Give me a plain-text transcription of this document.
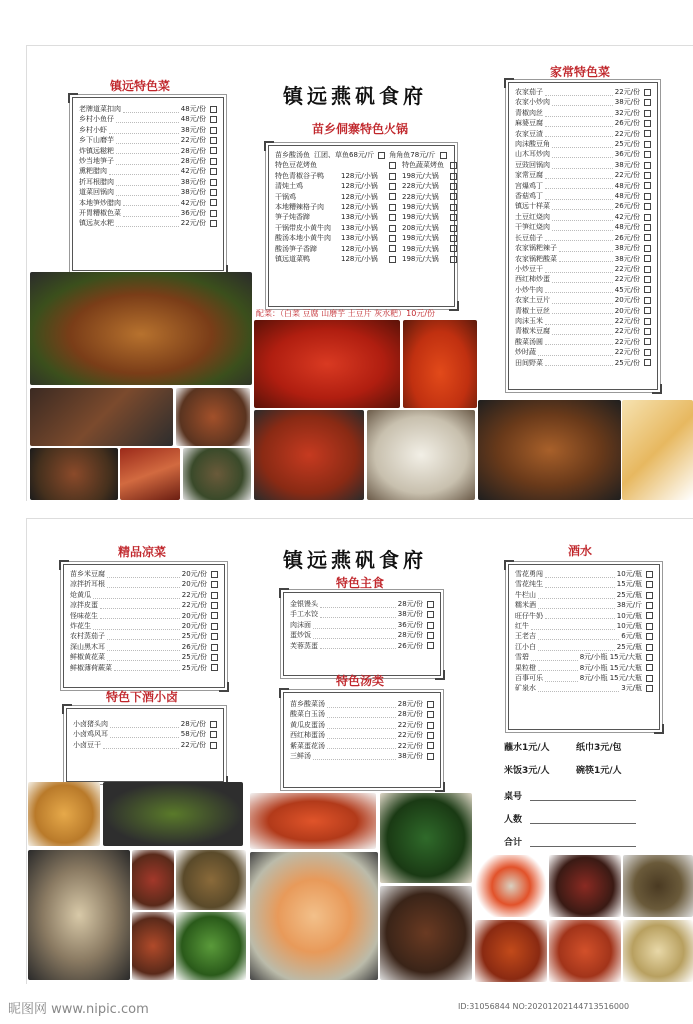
镇远特色菜
老牌道菜扣肉	48元/份
乡村小鱼仔	48元/份
乡村小虾	38元/份
乡下山磨芋	22元/份
炸镇远糍粑	28元/份
炒当地笋子	28元/份
熏粑腊肉	42元/份
折耳根腊肉	38元/份
道菜回锅肉	38元/份
本地笋炒腊肉	42元/份
开胃糟椒色菜	36元/份
镇远灰水粑	22元/份
镇远燕矾食府
苗乡侗寨特色火锅
苗乡酸汤鱼 江团、草鱼68元/斤 角角鱼78元/斤
特色豆花烤鱼	特色蔬菜烤鱼
特色青椒谷子鸭	128元/小锅	198元/大锅
清炖土鸡	128元/小锅	228元/大锅
干锅鸡	128元/小锅	228元/大锅
本地糟辣格子肉	128元/小锅	198元/大锅
笋子炖香蹄	138元/小锅	198元/大锅
干锅带皮小黄牛肉	138元/小锅	208元/大锅
酸汤本地小黄牛肉	138元/小锅	198元/大锅
酸汤笋子香蹄	128元/小锅	198元/大锅
镇远道菜鸭	128元/小锅	198元/大锅
配菜：（白菜 豆腐 山磨芋 土豆片 灰水粑）10元/份
家常特色菜
农家茄子	22元/份
农家小炒肉	38元/份
青椒肉丝	32元/份
麻婆豆腐	26元/份
农家豆渣	22元/份
肉沫酸豆角	25元/份
山木耳炒肉	36元/份
豆豉回锅肉	38元/份
家常豆腐	22元/份
宫爆鸡丁	48元/份
香菇鸡丁	48元/份
镇远十样菜	26元/份
土豆红烧肉	42元/份
干笋红烧肉	48元/份
长豆茄子	26元/份
农家锅粑辣子	38元/份
农家锅粑酸菜	38元/份
小炒豆干	22元/份
西红柿炒蛋	22元/份
小炒牛肉	45元/份
农家土豆片	20元/份
青椒土豆丝	20元/份
肉沫玉米	22元/份
青椒米豆腐	22元/份
酸菜汤圆	22元/份
炒时蔬	22元/份
田间野菜	25元/份
精品凉菜
苗乡米豆腐	20元/份
凉拌折耳根	20元/份
炝黄瓜	22元/份
凉拌皮蛋	22元/份
怪味花生	20元/份
炸花生	20元/份
农村蒸茄子	25元/份
深山黑木耳	26元/份
鲜椒黄花菜	25元/份
鲜椒薄荷蕨菜	25元/份
特色下酒小卤
小卤猪头肉	28元/份
小卤鸡风耳	58元/份
小卤豆干	22元/份
镇远燕矾食府
特色主食
金银馒头	28元/份
手工水饺	38元/份
肉沫面	36元/份
蛋炒饭	28元/份
芙蓉蒸蛋	26元/份
特色汤类
苗乡酸菜汤	28元/份
酸菜白玉汤	28元/份
黄瓜皮蛋汤	22元/份
西红柿蛋汤	22元/份
紫菜蛋花汤	22元/份
三鲜汤	38元/份
酒水
雪花勇闯	10元/瓶
雪花纯生	15元/瓶
牛栏山	25元/瓶
糯米酒	38元/斤
旺仔牛奶	10元/瓶
红牛	10元/瓶
王老吉	6元/瓶
江小白	25元/瓶
雪碧	8元/小瓶 15元/大瓶
果粒橙	8元/小瓶 15元/大瓶
百事可乐	8元/小瓶 15元/大瓶
矿泉水	3元/瓶
蘸水1元/人	纸巾3元/包
米饭3元/人	碗筷1元/人
桌号
人数
合计
昵图网 www.nipic.com	ID:31056844 NO:20201202144713516000
